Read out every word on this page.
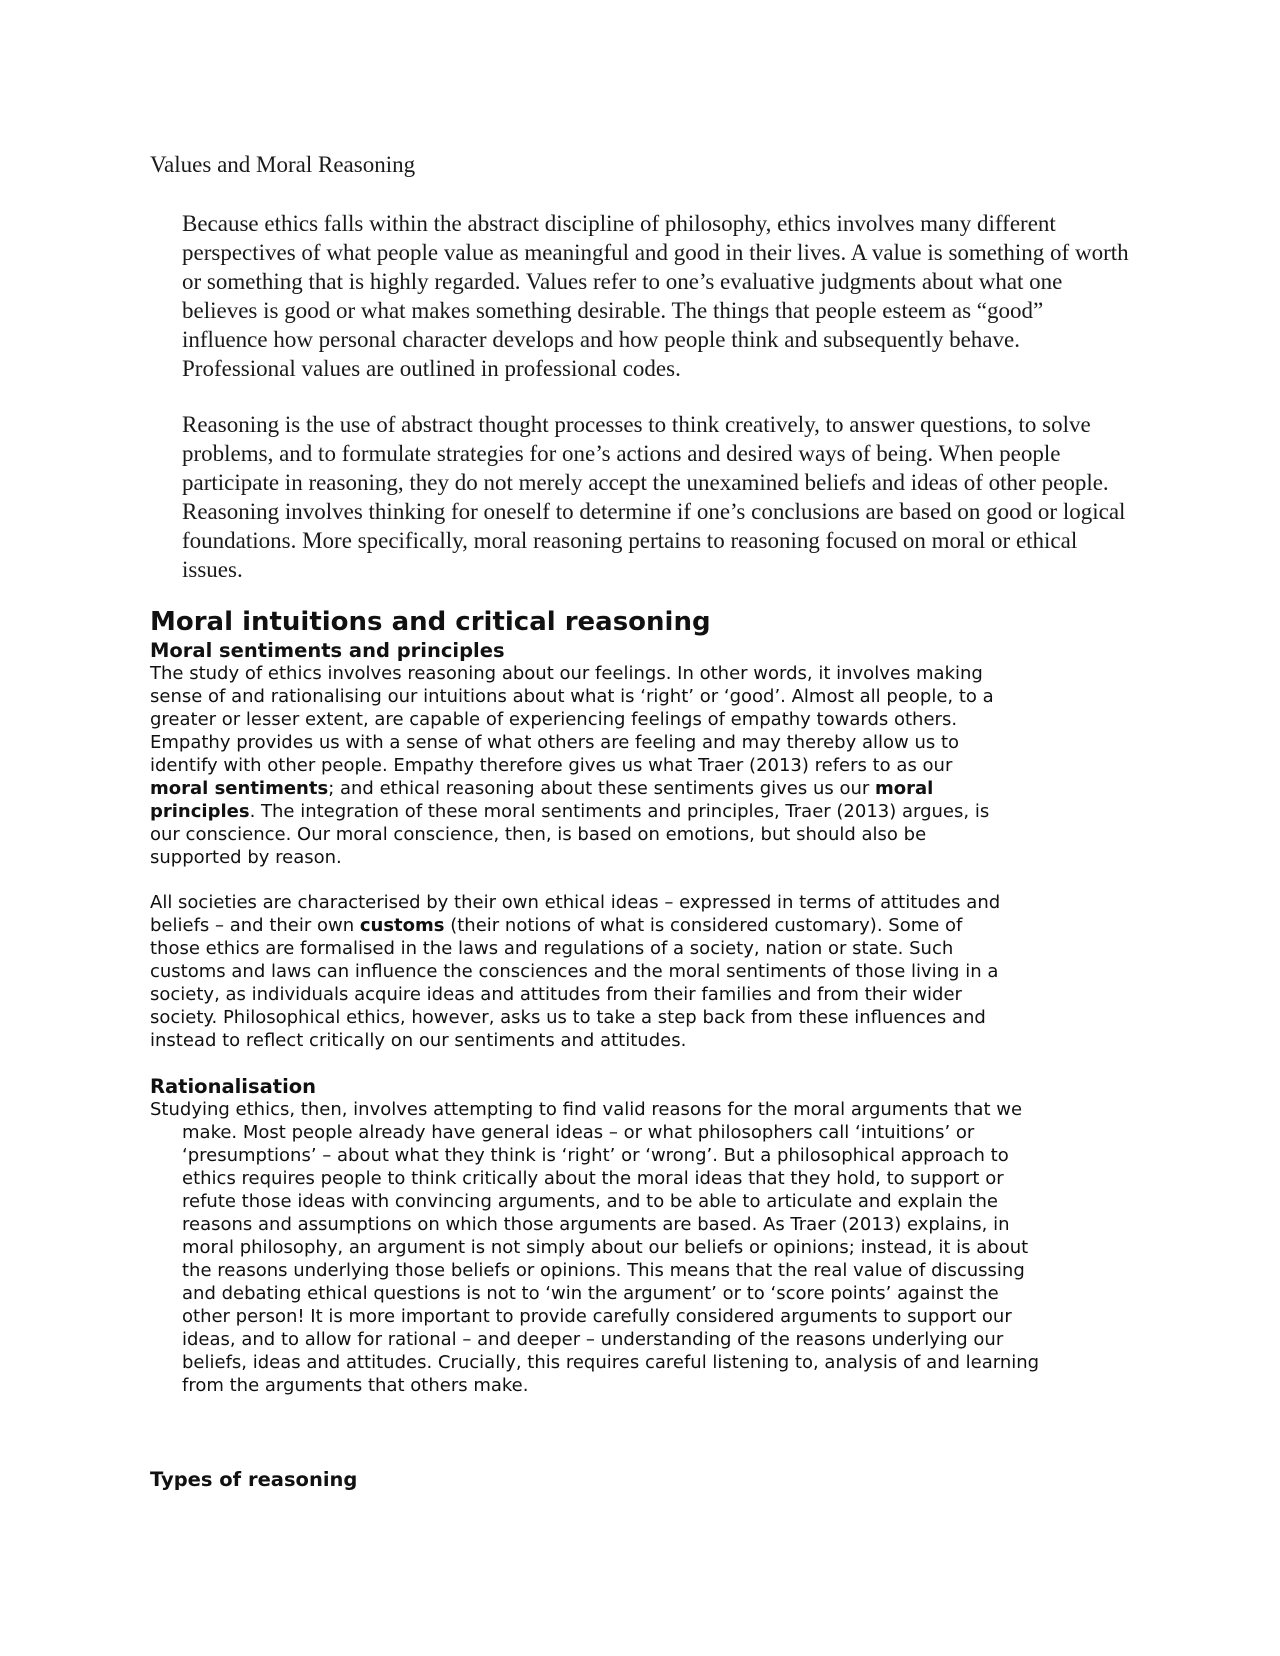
Values and Moral Reasoning

Because ethics falls within the abstract discipline of philosophy, ethics involves many different perspectives of what people value as meaningful and good in their lives. A value is something of worth or something that is highly regarded. Values refer to one’s evaluative judgments about what one believes is good or what makes something desirable. The things that people esteem as “good” influence how personal character develops and how people think and subsequently behave. Professional values are outlined in professional codes.

Reasoning is the use of abstract thought processes to think creatively, to answer questions, to solve problems, and to formulate strategies for one’s actions and desired ways of being. When people participate in reasoning, they do not merely accept the unexamined beliefs and ideas of other people. Reasoning involves thinking for oneself to determine if one’s conclusions are based on good or logical foundations. More specifically, moral reasoning pertains to reasoning focused on moral or ethical issues.

Moral intuitions and critical reasoning
Moral sentiments and principles

The study of ethics involves reasoning about our feelings. In other words, it involves making sense of and rationalising our intuitions about what is ‘right’ or ‘good’. Almost all people, to a greater or lesser extent, are capable of experiencing feelings of empathy towards others. Empathy provides us with a sense of what others are feeling and may thereby allow us to identify with other people. Empathy therefore gives us what Traer (2013) refers to as our moral sentiments; and ethical reasoning about these sentiments gives us our moral principles. The integration of these moral sentiments and principles, Traer (2013) argues, is our conscience. Our moral conscience, then, is based on emotions, but should also be supported by reason.

All societies are characterised by their own ethical ideas – expressed in terms of attitudes and beliefs – and their own customs (their notions of what is considered customary). Some of those ethics are formalised in the laws and regulations of a society, nation or state. Such customs and laws can influence the consciences and the moral sentiments of those living in a society, as individuals acquire ideas and attitudes from their families and from their wider society. Philosophical ethics, however, asks us to take a step back from these influences and instead to reflect critically on our sentiments and attitudes.

Rationalisation

Studying ethics, then, involves attempting to find valid reasons for the moral arguments that we make. Most people already have general ideas – or what philosophers call ‘intuitions’ or ‘presumptions’ – about what they think is ‘right’ or ‘wrong’. But a philosophical approach to ethics requires people to think critically about the moral ideas that they hold, to support or refute those ideas with convincing arguments, and to be able to articulate and explain the reasons and assumptions on which those arguments are based. As Traer (2013) explains, in moral philosophy, an argument is not simply about our beliefs or opinions; instead, it is about the reasons underlying those beliefs or opinions. This means that the real value of discussing and debating ethical questions is not to ‘win the argument’ or to ‘score points’ against the other person! It is more important to provide carefully considered arguments to support our ideas, and to allow for rational – and deeper – understanding of the reasons underlying our beliefs, ideas and attitudes. Crucially, this requires careful listening to, analysis of and learning from the arguments that others make.

Types of reasoning
